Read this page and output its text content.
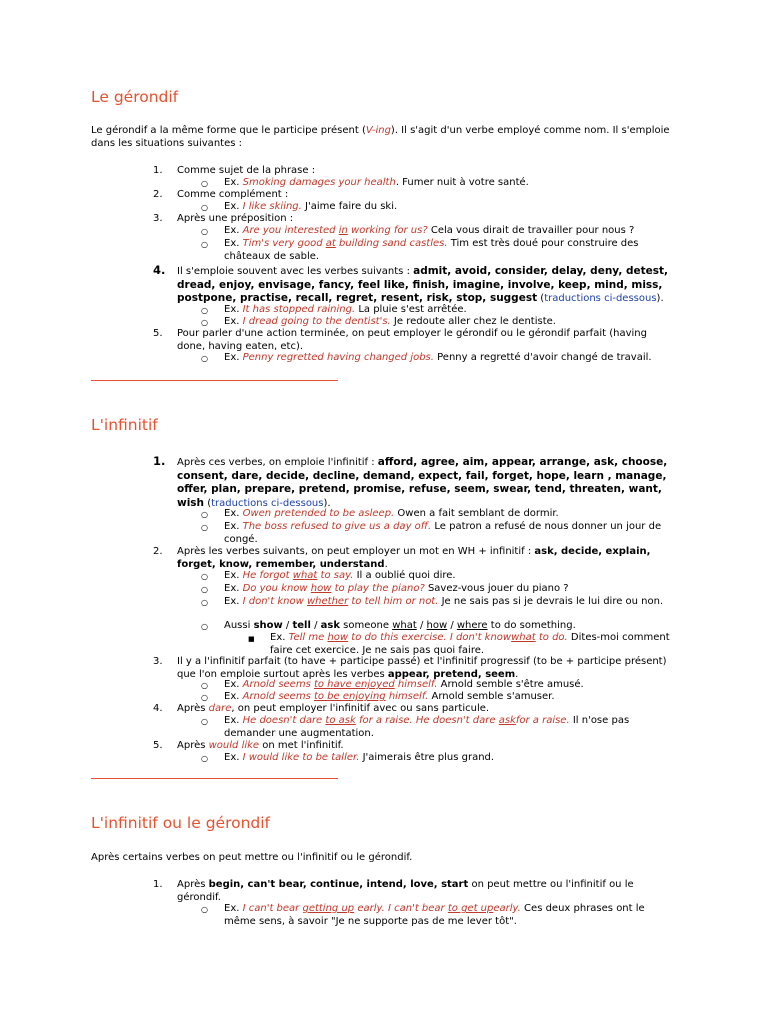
Le gérondif
Le gérondif a la même forme que le participe présent (V-ing). Il s'agit d'un verbe employé comme nom. Il s'emploie dans les situations suivantes :
1. Comme sujet de la phrase :
○ Ex. Smoking damages your health. Fumer nuit à votre santé.
2. Comme complément :
○ Ex. I like skiing. J'aime faire du ski.
3. Après une préposition :
○ Ex. Are you interested in working for us? Cela vous dirait de travailler pour nous ?
○ Ex. Tim's very good at building sand castles. Tim est très doué pour construire des châteaux de sable.
4. Il s'emploie souvent avec les verbes suivants : admit, avoid, consider, delay, deny, detest, dread, enjoy, envisage, fancy, feel like, finish, imagine, involve, keep, mind, miss, postpone, practise, recall, regret, resent, risk, stop, suggest (traductions ci-dessous).
○ Ex. It has stopped raining. La pluie s'est arrêtée.
○ Ex. I dread going to the dentist's. Je redoute aller chez le dentiste.
5. Pour parler d'une action terminée, on peut employer le gérondif ou le gérondif parfait (having done, having eaten, etc).
○ Ex. Penny regretted having changed jobs. Penny a regretté d'avoir changé de travail.
L'infinitif
1. Après ces verbes, on emploie l'infinitif : afford, agree, aim, appear, arrange, ask, choose, consent, dare, decide, decline, demand, expect, fail, forget, hope, learn , manage, offer, plan, prepare, pretend, promise, refuse, seem, swear, tend, threaten, want, wish (traductions ci-dessous).
○ Ex. Owen pretended to be asleep. Owen a fait semblant de dormir.
○ Ex. The boss refused to give us a day off. Le patron a refusé de nous donner un jour de congé.
2. Après les verbes suivants, on peut employer un mot en WH + infinitif : ask, decide, explain, forget, know, remember, understand.
○ Ex. He forgot what to say. Il a oublié quoi dire.
○ Ex. Do you know how to play the piano? Savez-vous jouer du piano ?
○ Ex. I don't know whether to tell him or not. Je ne sais pas si je devrais le lui dire ou non.
○ Aussi show / tell / ask someone what / how / where to do something.
■ Ex. Tell me how to do this exercise. I don't knowwhat to do. Dites-moi comment faire cet exercice. Je ne sais pas quoi faire.
3. Il y a l'infinitif parfait (to have + participe passé) et l'infinitif progressif (to be + participe présent) que l'on emploie surtout après les verbes appear, pretend, seem.
○ Ex. Arnold seems to have enjoyed himself. Arnold semble s'être amusé.
○ Ex. Arnold seems to be enjoying himself. Arnold semble s'amuser.
4. Après dare, on peut employer l'infinitif avec ou sans particule.
○ Ex. He doesn't dare to ask for a raise. He doesn't dare askfor a raise. Il n'ose pas demander une augmentation.
5. Après would like on met l'infinitif.
○ Ex. I would like to be taller. J'aimerais être plus grand.
L'infinitif ou le gérondif
Après certains verbes on peut mettre ou l'infinitif ou le gérondif.
1. Après begin, can't bear, continue, intend, love, start on peut mettre ou l'infinitif ou le gérondif.
○ Ex. I can't bear getting up early. I can't bear to get upearly. Ces deux phrases ont le même sens, à savoir "Je ne supporte pas de me lever tôt".
